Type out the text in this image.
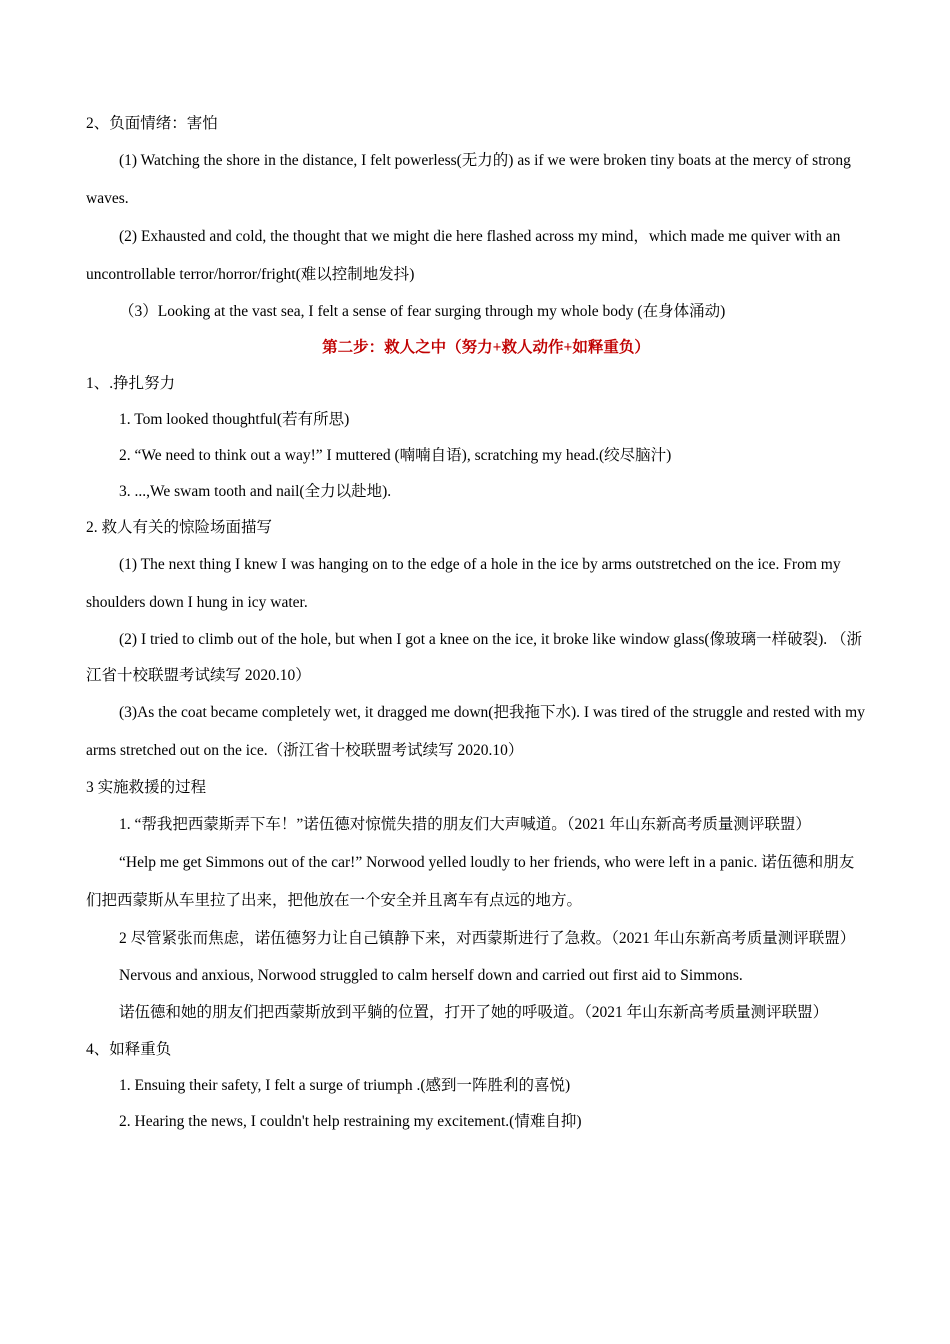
2、负面情绪：害怕

(1) Watching the shore in the distance, I felt powerless(无力的) as if we were broken tiny boats at the mercy of strong waves.

(2) Exhausted and cold, the thought that we might die here flashed across my mind，which made me quiver with an uncontrollable terror/horror/fright(难以控制地发抖)

（3）Looking at the vast sea, I felt a sense of fear surging through my whole body (在身体涌动)

第二步：救人之中（努力+救人动作+如释重负）

1、.挣扎努力

1. Tom looked thoughtful(若有所思)

2. “We need to think out a way!” I muttered (喃喃自语), scratching my head.(绞尽脑汁)

3. ...,We swam tooth and nail(全力以赴地).

2. 救人有关的惊险场面描写

(1) The next thing I knew I was hanging on to the edge of a hole in the ice by arms outstretched on the ice. From my shoulders down I hung in icy water.

(2) I tried to climb out of the hole, but when I got a knee on the ice, it broke like window glass(像玻璃一样破裂). （浙江省十校联盟考试续写 2020.10）

(3)As the coat became completely wet, it dragged me down(把我拖下水). I was tired of the struggle and rested with my arms stretched out on the ice.（浙江省十校联盟考试续写 2020.10）

3 实施救援的过程

1. “帮我把西蒙斯弄下车！”诺伍德对惊慌失措的朋友们大声喊道。（2021 年山东新高考质量测评联盟）

“Help me get Simmons out of the car!” Norwood yelled loudly to her friends, who were left in a panic. 诺伍德和朋友们把西蒙斯从车里拉了出来，把他放在一个安全并且离车有点远的地方。

2 尽管紧张而焦虑，诺伍德努力让自己镇静下来，对西蒙斯进行了急救。（2021 年山东新高考质量测评联盟）

Nervous and anxious, Norwood struggled to calm herself down and carried out first aid to Simmons.

诺伍德和她的朋友们把西蒙斯放到平躺的位置，打开了她的呼吸道。（2021 年山东新高考质量测评联盟）

4、如释重负

1. Ensuing their safety, I felt a surge of triumph .(感到一阵胜利的喜悦)

2. Hearing the news, I couldn't help restraining my excitement.(情难自抑)
